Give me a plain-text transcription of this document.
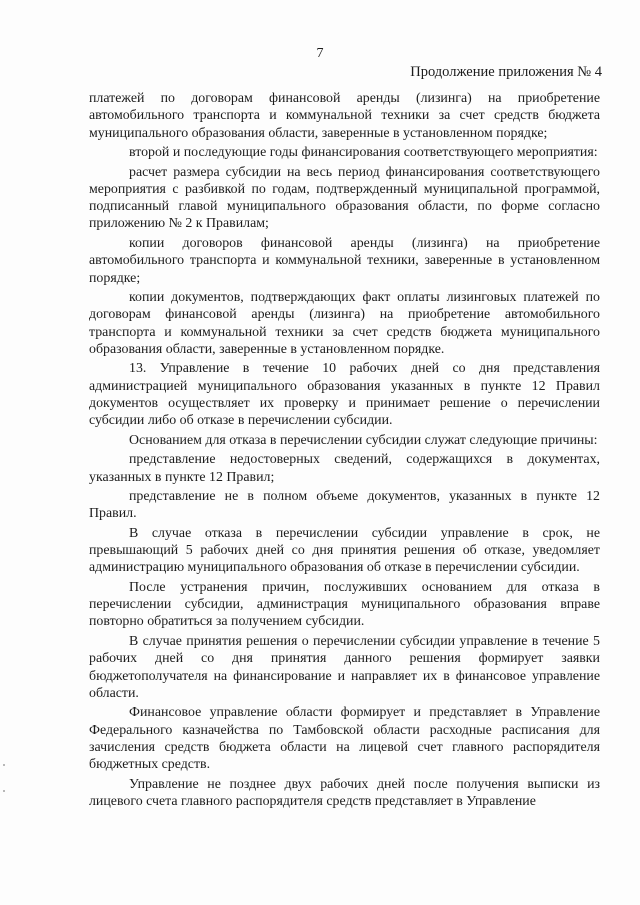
7
Продолжение приложения № 4

платежей по договорам финансовой аренды (лизинга) на приобретение автомобильного транспорта и коммунальной техники за счет средств бюджета муниципального образования области, заверенные в установленном порядке;

второй и последующие годы финансирования соответствующего мероприятия:

расчет размера субсидии на весь период финансирования соответствующего мероприятия с разбивкой по годам, подтвержденный муниципальной программой, подписанный главой муниципального образования области, по форме согласно приложению № 2 к Правилам;

копии договоров финансовой аренды (лизинга) на приобретение автомобильного транспорта и коммунальной техники, заверенные в установленном порядке;

копии документов, подтверждающих факт оплаты лизинговых платежей по договорам финансовой аренды (лизинга) на приобретение автомобильного транспорта и коммунальной техники за счет средств бюджета муниципального образования области, заверенные в установленном порядке.

13. Управление в течение 10 рабочих дней со дня представления администрацией муниципального образования указанных в пункте 12 Правил документов осуществляет их проверку и принимает решение о перечислении субсидии либо об отказе в перечислении субсидии.

Основанием для отказа в перечислении субсидии служат следующие причины:

представление недостоверных сведений, содержащихся в документах, указанных в пункте 12 Правил;

представление не в полном объеме документов, указанных в пункте 12 Правил.

В случае отказа в перечислении субсидии управление в срок, не превышающий 5 рабочих дней со дня принятия решения об отказе, уведомляет администрацию муниципального образования об отказе в перечислении субсидии.

После устранения причин, послуживших основанием для отказа в перечислении субсидии, администрация муниципального образования вправе повторно обратиться за получением субсидии.

В случае принятия решения о перечислении субсидии управление в течение 5 рабочих дней со дня принятия данного решения формирует заявки бюджетополучателя на финансирование и направляет их в финансовое управление области.

Финансовое управление области формирует и представляет в Управление Федерального казначейства по Тамбовской области расходные расписания для зачисления средств бюджета области на лицевой счет главного распорядителя бюджетных средств.

Управление не позднее двух рабочих дней после получения выписки из лицевого счета главного распорядителя средств представляет в Управление
